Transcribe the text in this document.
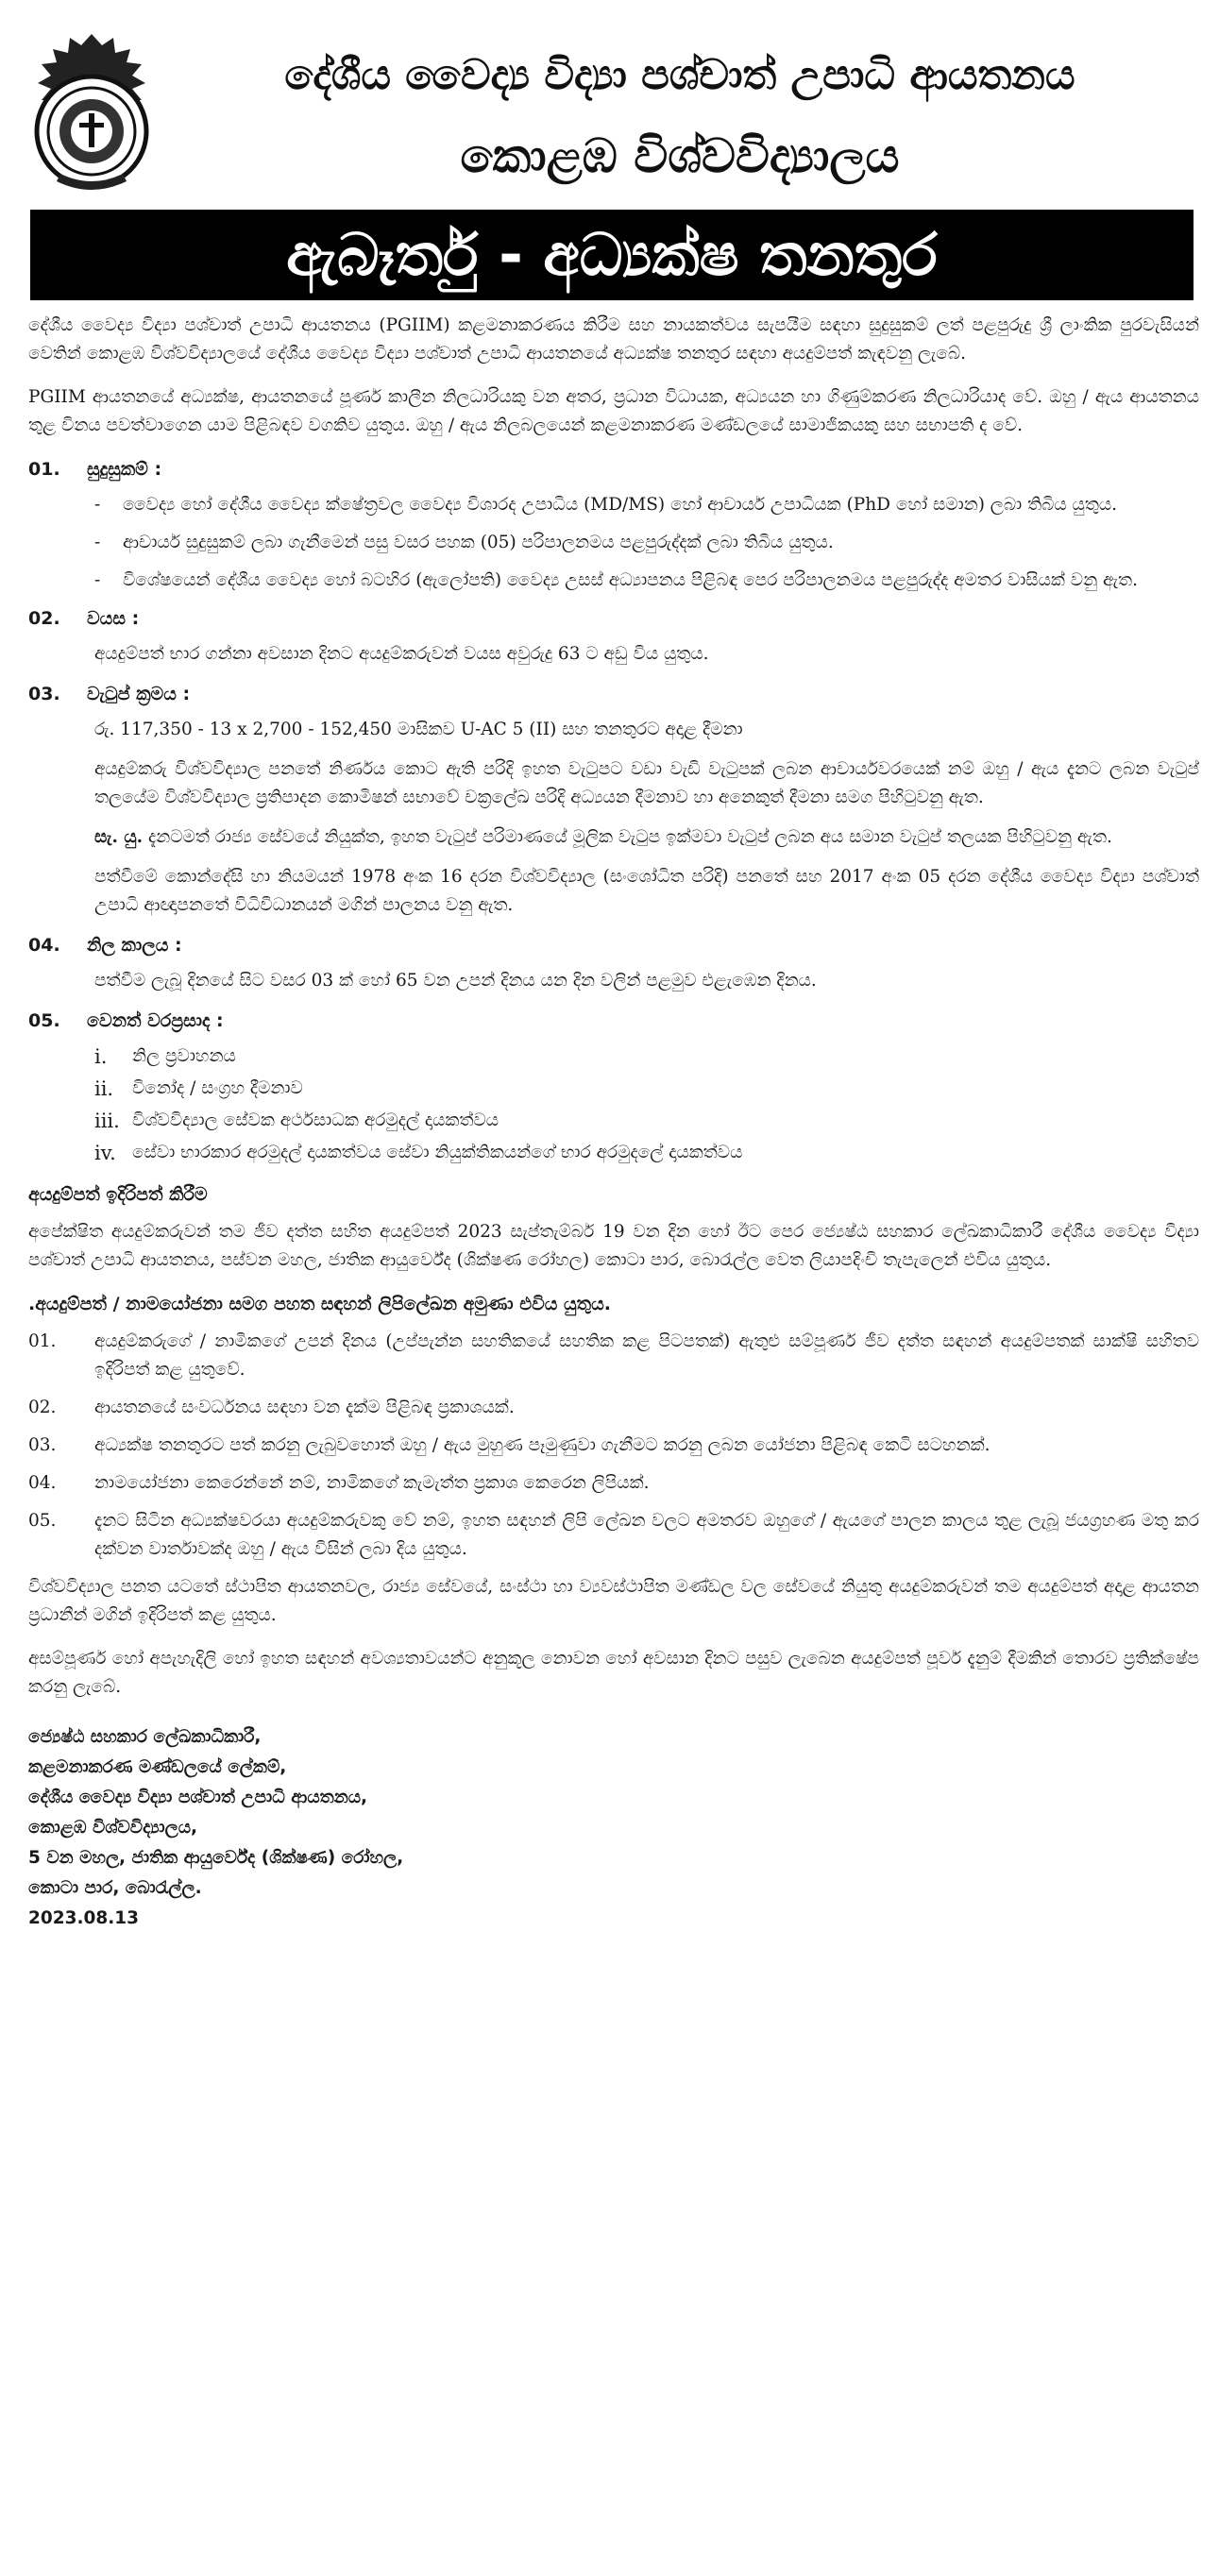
දේශීය වෛද්‍ය විද්‍යා පශ්චාත් උපාධි ආයතනය
කොළඹ විශ්වවිද්‍යාලය
ඇබෑර්තු - අධ්‍යක්ෂ තනතුර

දේශීය වෛද්‍ය විද්‍යා පශ්චාත් උපාධි ආයතනය (PGIIM) කළමනාකරණය කිරීම සහ නායකත්වය සැපයීම සඳහා සුදුසුකම් ලත් පළපුරුදු ශ්‍රී ලාංකික පුරවැසියන් වෙතින් කොළඹ විශ්වවිද්‍යාලයේ දේශීය වෛද්‍ය විද්‍යා පශ්චාත් උපාධි ආයතනයේ අධ්‍යක්ෂ තනතුර සඳහා අයදුම්පත් කැඳවනු ලැබේ.

PGIIM ආයතනයේ අධ්‍යක්ෂ, ආයතනයේ පූර්ණ කාලීන නිලධාරියකු වන අතර, ප්‍රධාන විධායක, අධ්‍යයන හා ගිණුම්කරණ නිලධාරියාද වේ. ඔහු / ඇය ආයතනය තුළ විනය පවත්වාගෙන යාම පිළිබඳව වගකිව යුතුය. ඔහු / ඇය නිලබලයෙන් කළමනාකරණ මණ්ඩලයේ සාමාජිකයකු සහ සභාපති ද වේ.

01.	සුදුසුකම් :
-	වෛද්‍ය හෝ දේශීය වෛද්‍ය ක්ෂේත්‍රවල වෛද්‍ය විශාරද උපාධිය (MD/MS) හෝ ආචාර්ය උපාධියක (PhD හෝ සමාන) ලබා තිබිය යුතුය.
-	ආචාර්ය සුදුසුකම් ලබා ගැනීමෙන් පසු වසර පහක (05) පරිපාලනමය පළපුරුද්දක් ලබා තිබිය යුතුය.
-	විශේෂයෙන් දේශීය වෛද්‍ය හෝ බටහිර (ඇලෝපති) වෛද්‍ය උසස් අධ්‍යාපනය පිළිබඳ පෙර පරිපාලනමය පළපුරුද්ද අමතර වාසියක් වනු ඇත.
02.	වයස :

අයදුම්පත් භාර ගන්නා අවසාන දිනට අයදුම්කරුවන් වයස අවුරුදු 63 ට අඩු විය යුතුය.

03.	වැටුප් ක්‍රමය :

රු. 117,350 - 13 x 2,700 - 152,450 මාසිකව U-AC 5 (II) සහ තනතුරට අදාළ දීමනා

අයදුම්කරු විශ්වවිද්‍යාල පනතේ නිර්ණය කොට ඇති පරිදි ඉහත වැටුපට වඩා වැඩි වැටුපක් ලබන ආචාර්යවරයෙක් නම් ඔහු / ඇය දැනට ලබන වැටුප් තලයේම විශ්වවිද්‍යාල ප්‍රතිපාදන කොමිෂන් සභාවේ චක්‍රලේඛ පරිදි අධ්‍යයන දීමනාව හා අනෙකුත් දීමනා සමග පිහිටුවනු ඇත.

සැ. යු. දැනටමත් රාජ්‍ය සේවයේ නියුක්ත, ඉහත වැටුප් පරිමාණයේ මූලික වැටුප ඉක්මවා වැටුප් ලබන අය සමාන වැටුප් තලයක පිහිටුවනු ඇත.

පත්වීමේ කොන්දේසි හා නියමයන් 1978 අංක 16 දරන විශ්වවිද්‍යාල (සංශෝධිත පරිදි) පනතේ සහ 2017 අංක 05 දරන දේශීය වෛද්‍ය විද්‍යා පශ්චාත් උපාධි ආඥාපනතේ විධිවිධානයන් මගින් පාලනය වනු ඇත.

04.	නිල කාලය :

පත්වීම ලැබූ දිනයේ සිට වසර 03 ක් හෝ 65 වන උපන් දිනය යන දින වලින් පළමුව එළැඹෙන දිනය.

05.	වෙනත් වරප්‍රසාද :
i.	නිල ප්‍රවාහනය
ii.	විනෝද / සංග්‍රහ දීමනාව
iii. විශ්වවිද්‍යාල සේවක අර්ථසාධක අරමුදල් දායකත්වය
iv. සේවා භාරකාර අරමුදල් දායකත්වය සේවා නියුක්තිකයන්ගේ භාර අරමුදලේ දායකත්වය
අයදුම්පත් ඉදිරිපත් කිරීම

අපේක්ෂිත අයදුම්කරුවන් තම ජීව දත්ත සහිත අයදුම්පත් 2023 සැප්තැම්බර් 19 වන දින හෝ ඊට පෙර ජ්‍යෙෂ්ඨ සහකාර ලේඛකාධිකාරී දේශීය වෛද්‍ය විද්‍යා පශ්චාත් උපාධි ආයතනය, පස්වන මහල, ජාතික ආයුර්වේද (ශික්ෂණ රෝහල) කොටා පාර, බොරැල්ල වෙත ලියාපදිංචි තැපැලෙන් එවිය යුතුය.

.අයදුම්පත් / නාමයෝජනා සමග පහත සඳහන් ලිපිලේඛන අමුණා එවිය යුතුය.
01.	අයදුම්කරුගේ / නාමිකගේ උපන් දිනය (උප්පැන්න සහතිකයේ සහතික කළ පිටපතක්) ඇතුළු සම්පූර්ණ ජීව දත්ත සඳහන් අයදුම්පතක් සාක්ෂි සහිතව ඉදිරිපත් කළ යුතුවේ.
02.	ආයතනයේ සංවර්ධනය සඳහා වන දැක්ම පිළිබඳ ප්‍රකාශයක්.
03.	අධ්‍යක්ෂ තනතුරට පත් කරනු ලැබුවහොත් ඔහු / ඇය මුහුණ පෑමුණුවා ගැනීමට කරනු ලබන යෝජනා පිළිබඳ කෙටි සටහනක්.
04.	නාමයෝජනා කෙරෙන්නේ නම්, නාමිකගේ කැමැත්ත ප්‍රකාශ කෙරෙන ලිපියක්.
05.	දැනට සිටින අධ්‍යක්ෂවරයා අයදුම්කරුවකු වේ නම්, ඉහත සඳහන් ලිපි ලේඛන වලට අමතරව ඔහුගේ / ඇයගේ පාලන කාලය තුළ ලැබූ ජයග්‍රහණ මතු කර දක්වන වාර්තාවක්ද ඔහු / ඇය විසින් ලබා දිය යුතුය.

විශ්වවිද්‍යාල පනත යටතේ ස්ථාපිත ආයතනවල, රාජ්‍ය සේවයේ, සංස්ථා හා ව්‍යවස්ථාපිත මණ්ඩල වල සේවයේ නියුතු අයදුම්කරුවන් තම අයදුම්පත් අදාළ ආයතන ප්‍රධානීන් මගින් ඉදිරිපත් කළ යුතුය.

අසම්පූර්ණ හෝ අපැහැදිලි හෝ ඉහත සඳහන් අවශ්‍යතාවයන්ට අනුකූල නොවන හෝ අවසාන දිනට පසුව ලැබෙන අයදුම්පත් පූර්ව දැනුම් දීමකින් තොරව ප්‍රතික්ෂේප කරනු ලැබේ.

ජ්‍යෙෂ්ඨ සහකාර ලේඛකාධිකාරී,
කළමනාකරණ මණ්ඩලයේ ලේකම්,
දේශීය වෛද්‍ය විද්‍යා පශ්චාත් උපාධි ආයතනය,
කොළඹ විශ්වවිද්‍යාලය,
5 වන මහල, ජාතික ආයුර්වේද (ශික්ෂණ) රෝහල,
කොටා පාර, බොරැල්ල.
2023.08.13
